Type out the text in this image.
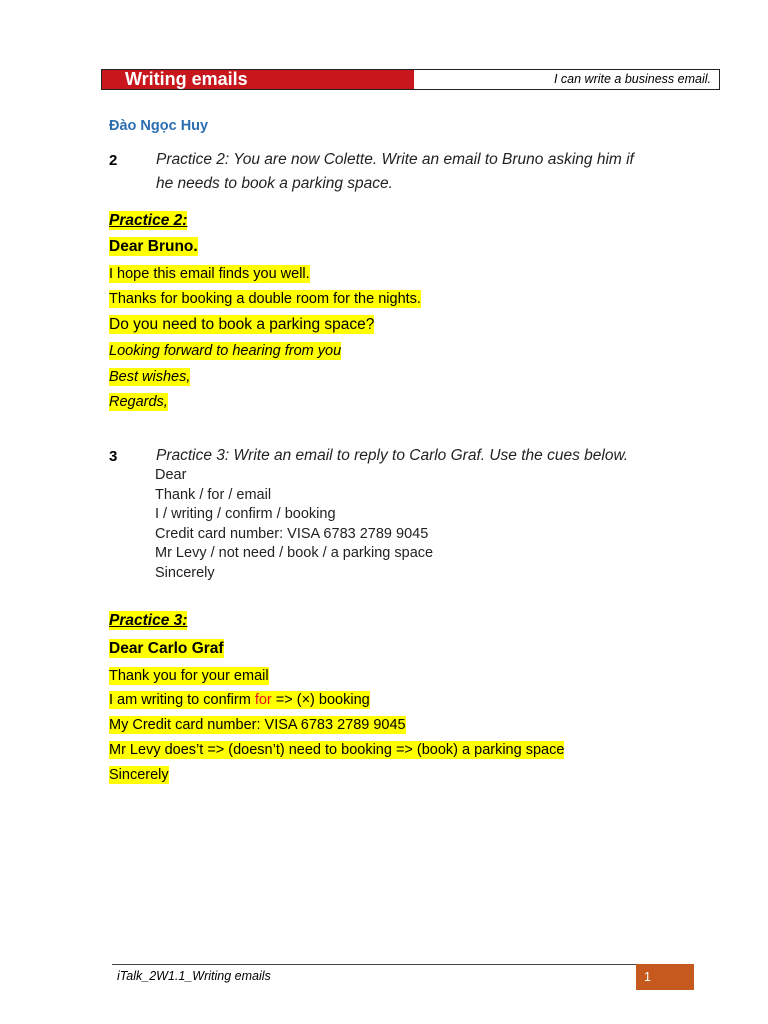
Writing emails	I can write a business email.
Đào Ngọc Huy
2 Practice 2: You are now Colette. Write an email to Bruno asking him if
he needs to book a parking space.
Practice 2:
Dear Bruno.
I hope this email finds you well.
Thanks for booking a double room for the nights.
Do you need to book a parking space?
Looking forward to hearing from you
Best wishes,
Regards,
3 Practice 3: Write an email to reply to Carlo Graf. Use the cues below.
Dear
Thank / for / email
I / writing / confirm / booking
Credit card number: VISA 6783 2789 9045
Mr Levy / not need / book / a parking space
Sincerely
Practice 3:
Dear Carlo Graf
Thank you for your email
I am writing to confirm for => (×) booking
My Credit card number: VISA 6783 2789 9045
Mr Levy does’t => (doesn’t) need to booking => (book) a parking space
Sincerely
iTalk_2W1.1_Writing emails	1
